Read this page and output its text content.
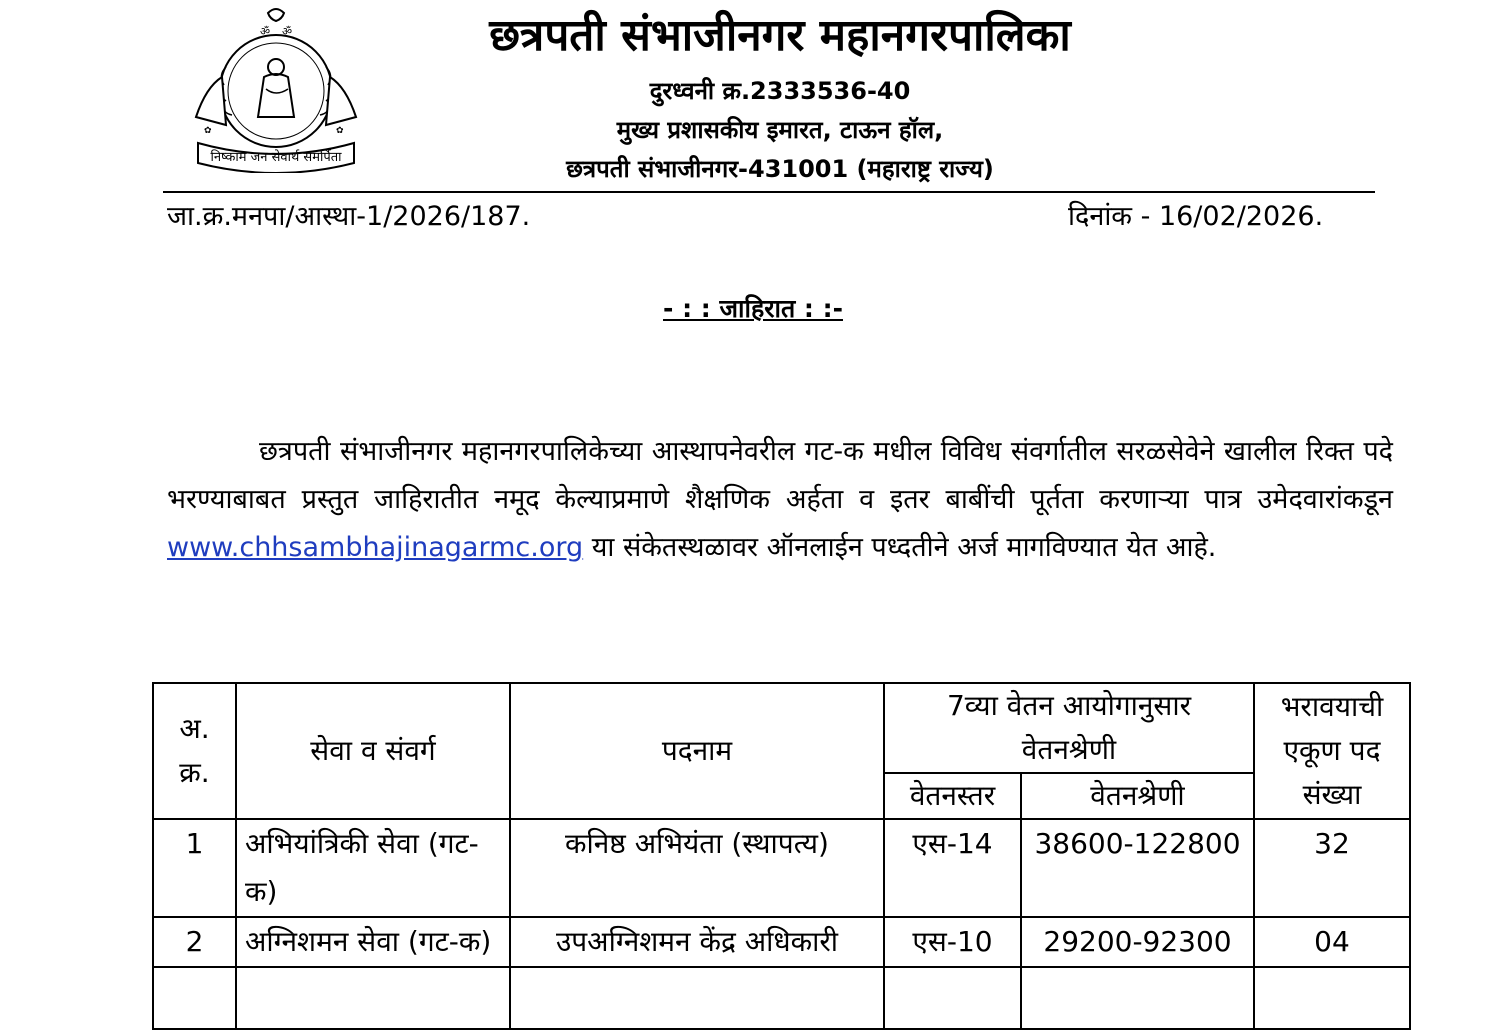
ॐ ॐ
✿	✿
निष्काम जन सेवार्थ समर्पिता
छत्रपती संभाजीनगर महानगरपालिका
दुरध्वनी क्र.2333536-40
मुख्य प्रशासकीय इमारत, टाऊन हॉल,
छत्रपती संभाजीनगर-431001 (महाराष्ट्र राज्य)
जा.क्र.मनपा/आस्था-1/2026/187.	दिनांक - 16/02/2026.
- : : जाहिरात : :-
छत्रपती संभाजीनगर महानगरपालिकेच्या आस्थापनेवरील गट-क मधील विविध संवर्गातील सरळसेवेने खालील रिक्त पदे भरण्याबाबत प्रस्तुत जाहिरातीत नमूद केल्याप्रमाणे शैक्षणिक अर्हता व इतर बाबींची पूर्तता करणाऱ्या पात्र उमेदवारांकडून www.chhsambhajinagarmc.org या संकेतस्थळावर ऑनलाईन पध्दतीने अर्ज मागविण्यात येत आहे.
अ. क्र.	सेवा व संवर्ग	पदनाम	7व्या वेतन आयोगानुसार वेतनश्रेणी		भरावयाची एकूण पद संख्या
			वेतनस्तर	वेतनश्रेणी	
1	अभियांत्रिकी सेवा (गट-क)	कनिष्ठ अभियंता (स्थापत्य)	एस-14	38600-122800	32
2	अग्निशमन सेवा (गट-क)	उपअग्निशमन केंद्र अधिकारी	एस-10	29200-92300	04
